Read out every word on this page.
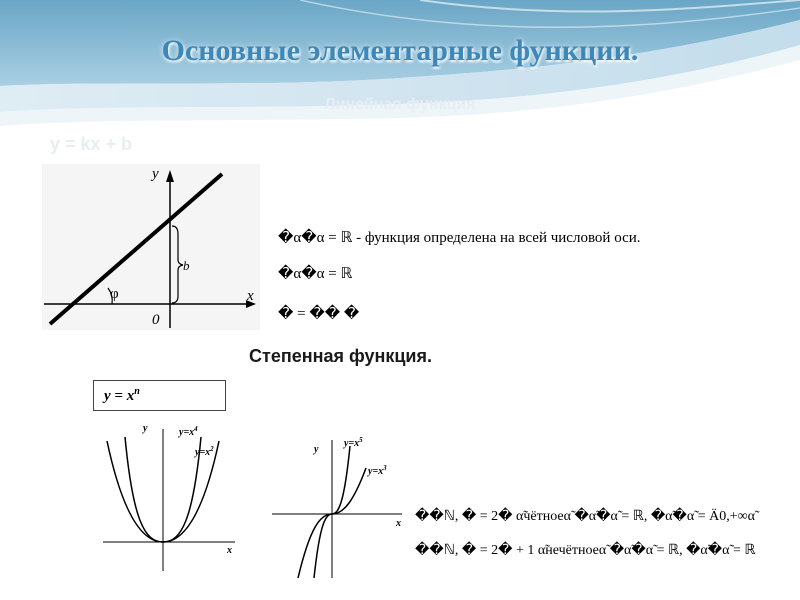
Основные элементарные функции.
Линейная функция
y = kx + b
y
x
b
φ
0
�α�α = ℝ - функция определена на всей числовой оси.
�α�α = ℝ
� = �� �
Степенная функция.
$y = x^n$
y
x
$y=x^4$
$y=x^2$	y
x
$y=x^5$
$y=x^3$
��ℕ, � = 2� α̃чётноеα̃ �α̃�α̃ = ℝ, �α̃�α̃ = Ä0,+∞α̃
��ℕ, � = 2� + 1 α̃нечётноеα̃ �α̃�α̃ = ℝ, �α̃�α̃ = ℝ
